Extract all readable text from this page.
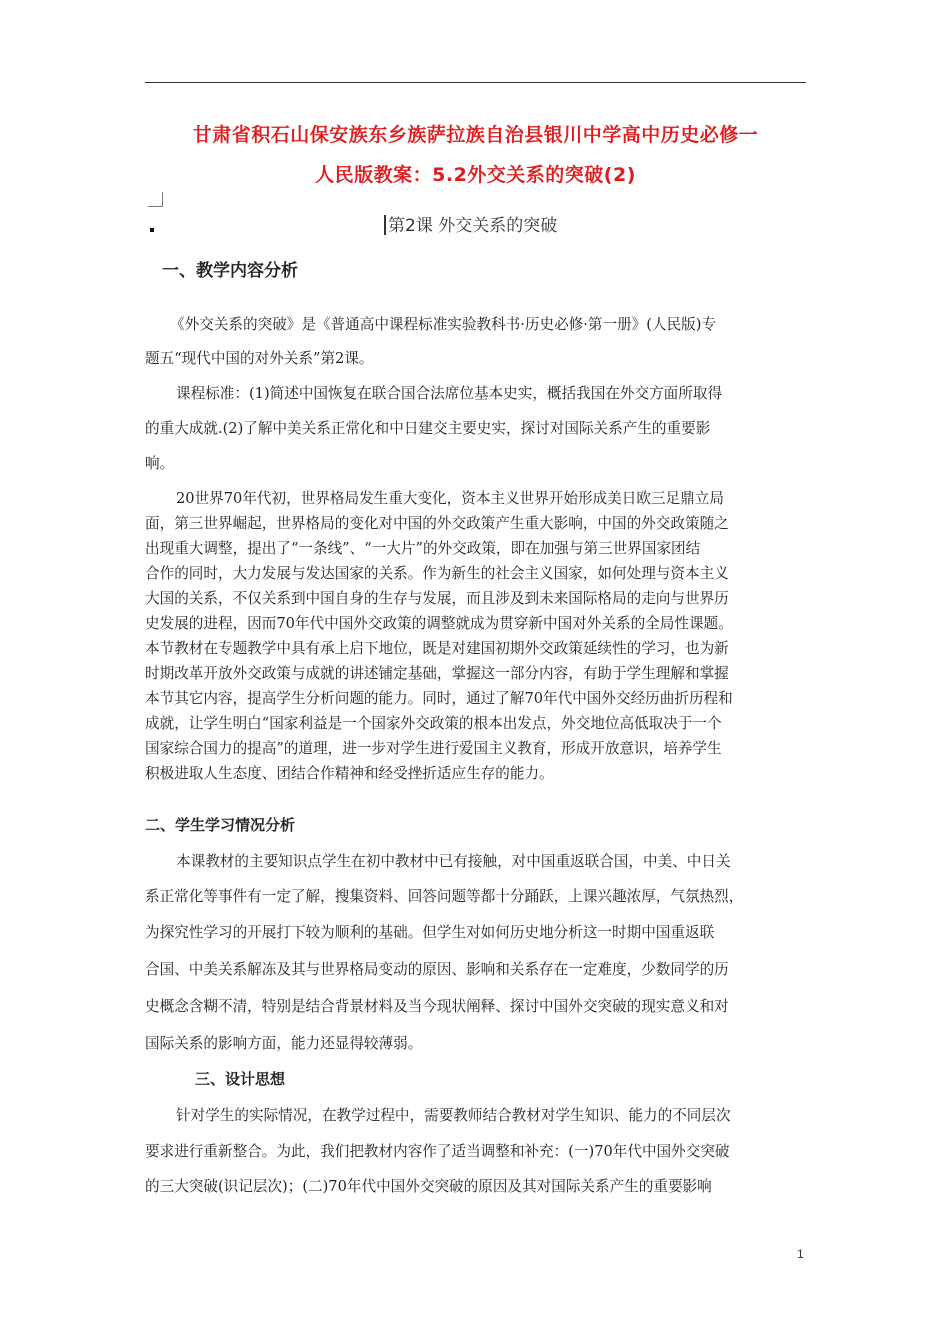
甘肃省积石山保安族东乡族萨拉族自治县银川中学高中历史必修一
人民版教案：5.2外交关系的突破(2)
第2课 外交关系的突破
一、教学内容分析
《外交关系的突破》是《普通高中课程标准实验教科书·历史必修·第一册》(人民版)专
题五“现代中国的对外关系”第2课。
课程标准：(1)简述中国恢复在联合国合法席位基本史实，概括我国在外交方面所取得
的重大成就.(2)了解中美关系正常化和中日建交主要史实，探讨对国际关系产生的重要影
响。
20世界70年代初，世界格局发生重大变化，资本主义世界开始形成美日欧三足鼎立局
面，第三世界崛起，世界格局的变化对中国的外交政策产生重大影响，中国的外交政策随之
出现重大调整，提出了“一条线”、“一大片”的外交政策，即在加强与第三世界国家团结
合作的同时，大力发展与发达国家的关系。作为新生的社会主义国家，如何处理与资本主义
大国的关系，不仅关系到中国自身的生存与发展，而且涉及到未来国际格局的走向与世界历
史发展的进程，因而70年代中国外交政策的调整就成为贯穿新中国对外关系的全局性课题。
本节教材在专题教学中具有承上启下地位，既是对建国初期外交政策延续性的学习，也为新
时期改革开放外交政策与成就的讲述铺定基础，掌握这一部分内容，有助于学生理解和掌握
本节其它内容，提高学生分析问题的能力。同时，通过了解70年代中国外交经历曲折历程和
成就，让学生明白“国家利益是一个国家外交政策的根本出发点，外交地位高低取决于一个
国家综合国力的提高”的道理，进一步对学生进行爱国主义教育，形成开放意识，培养学生
积极进取人生态度、团结合作精神和经受挫折适应生存的能力。
二、学生学习情况分析
本课教材的主要知识点学生在初中教材中已有接触，对中国重返联合国，中美、中日关
系正常化等事件有一定了解，搜集资料、回答问题等都十分踊跃，上课兴趣浓厚，气氛热烈，
为探究性学习的开展打下较为顺利的基础。但学生对如何历史地分析这一时期中国重返联
合国、中美关系解冻及其与世界格局变动的原因、影响和关系存在一定难度，少数同学的历
史概念含糊不清，特别是结合背景材料及当今现状阐释、探讨中国外交突破的现实意义和对
国际关系的影响方面，能力还显得较薄弱。
三、设计思想
针对学生的实际情况，在教学过程中，需要教师结合教材对学生知识、能力的不同层次
要求进行重新整合。为此，我们把教材内容作了适当调整和补充：(一)70年代中国外交突破
的三大突破(识记层次)；(二)70年代中国外交突破的原因及其对国际关系产生的重要影响
1
